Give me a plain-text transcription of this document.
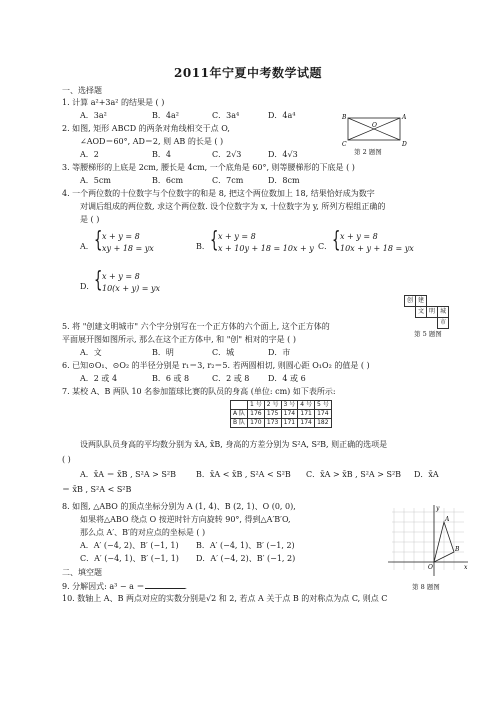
2011年宁夏中考数学试题
一、选择题
1. 计算 a²+3a² 的结果是 ( )
A．3a²	B．4a²	C．3a⁴	D．4a⁴
2. 如图, 矩形 ABCD 的两条对角线相交于点 O,
∠AOD＝60°, AD＝2, 则 AB 的长是 ( )
A．2	B．4	C．2√3	D．4√3
B	A
O
C	D
第 2 题图
3. 等腰梯形的上底是 2cm, 腰长是 4cm, 一个底角是 60°, 则等腰梯形的下底是 ( )
A．5cm	B．6cm	C．7cm	D．8cm
4. 一个两位数的十位数字与个位数字的和是 8, 把这个两位数加上 18, 结果恰好成为数字
对调后组成的两位数, 求这个两位数. 设个位数字为 x, 十位数字为 y, 所列方程组正确的
是 ( )
A． { x + y = 8
xy + 18 = yx	B． { x + y = 8
x + 10y + 18 = 10x + y C． { x + y = 8
10x + y + 18 = yx
D． { x + y = 8
10(x + y) = yx
创	建		
	文	明	城
			市
第 5 题图
5. 将 "创建文明城市" 六个字分别写在一个正方体的六个面上, 这个正方体的
平面展开图如图所示, 那么在这个正方体中, 和 "创" 相对的字是 ( )
A．文	B．明	C．城	D．市
6. 已知⊙O₁、⊙O₂ 的半径分别是 r₁＝3, r₂＝5. 若两圆相切, 则圆心距 O₁O₂ 的值是 ( )
A．2 或 4	B．6 或 8	C．2 或 8 D．4 或 6
7. 某校 A、B 两队 10 名参加篮球比赛的队员的身高 (单位: cm) 如下表所示:
	1 号	2 号	3 号	4 号	5 号
A 队	176	175	174	171	174
B 队	170	173	171	174	182
设两队队员身高的平均数分别为 x̄A, x̄B, 身高的方差分别为 S²A, S²B, 则正确的选项是
( )
A．x̄A ＝ x̄B , S²A > S²B	B．x̄A < x̄B , S²A < S²B C．x̄A > x̄B , S²A > S²B D．x̄A
＝ x̄B , S²A < S²B
8. 如图, △ABO 的顶点坐标分别为 A (1, 4)、B (2, 1)、O (0, 0),
如果将△ABO 绕点 O 按逆时针方向旋转 90°, 得到△A′B′O,
那么点 A′、B′的对应点的坐标是 ( )
A．A′ (−4, 2)、B′ (−1, 1) B．A′ (−4, 1)、B′ (−1, 2)
C．A′ (−4, 1)、B′ (−1, 1) D．A′ (−4, 2)、B′ (−1, 2)
y
x
O
A
B
第 8 题图
二、填空题
9. 分解因式: a³ − a ＝	.
10. 数轴上 A、B 两点对应的实数分别是√2 和 2, 若点 A 关于点 B 的对称点为点 C, 则点 C
